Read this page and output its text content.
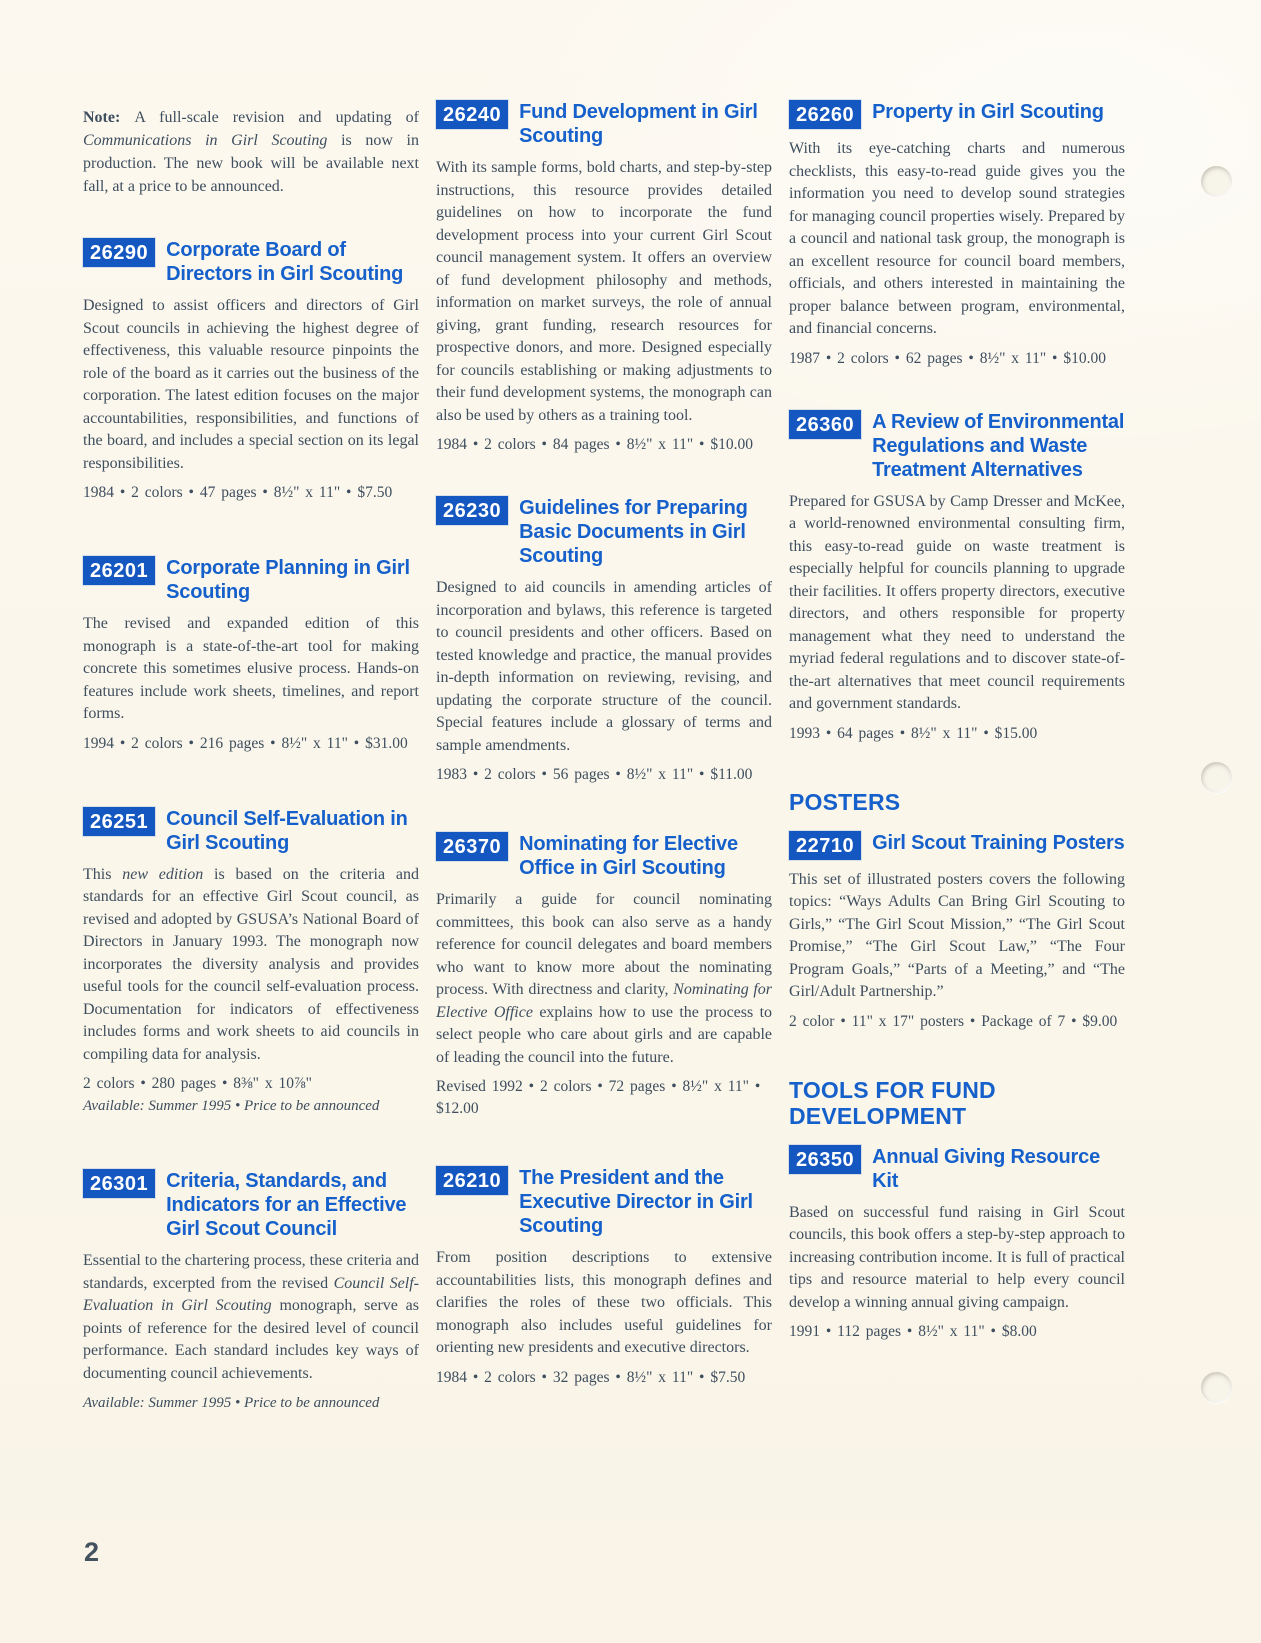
Note: A full-scale revision and updating of Communications in Girl Scouting is now in production. The new book will be available next fall, at a price to be announced.

26290 Corporate Board of Directors in Girl Scouting

Designed to assist officers and directors of Girl Scout councils in achieving the highest degree of effectiveness, this valuable resource pinpoints the role of the board as it carries out the business of the corporation. The latest edition focuses on the major accountabilities, responsibilities, and functions of the board, and includes a special section on its legal responsibilities.

1984 • 2 colors • 47 pages • 8½" x 11" • $7.50

26201 Corporate Planning in Girl Scouting

The revised and expanded edition of this monograph is a state-of-the-art tool for making concrete this sometimes elusive process. Hands-on features include work sheets, timelines, and report forms.

1994 • 2 colors • 216 pages • 8½" x 11" • $31.00

26251 Council Self-Evaluation in Girl Scouting

This new edition is based on the criteria and standards for an effective Girl Scout council, as revised and adopted by GSUSA’s National Board of Directors in January 1993. The monograph now incorporates the diversity analysis and provides useful tools for the council self-evaluation process. Documentation for indicators of effectiveness includes forms and work sheets to aid councils in compiling data for analysis.

2 colors • 280 pages • 8⅜" x 10⅞"

Available: Summer 1995 • Price to be announced

26301 Criteria, Standards, and Indicators for an Effective Girl Scout Council

Essential to the chartering process, these criteria and standards, excerpted from the revised Council Self-Evaluation in Girl Scouting monograph, serve as points of reference for the desired level of council performance. Each standard includes key ways of documenting council achievements.

Available: Summer 1995 • Price to be announced

26240 Fund Development in Girl Scouting

With its sample forms, bold charts, and step-by-step instructions, this resource provides detailed guidelines on how to incorporate the fund development process into your current Girl Scout council management system. It offers an overview of fund development philosophy and methods, information on market surveys, the role of annual giving, grant funding, research resources for prospective donors, and more. Designed especially for councils establishing or making adjustments to their fund development systems, the monograph can also be used by others as a training tool.

1984 • 2 colors • 84 pages • 8½" x 11" • $10.00

26230 Guidelines for Preparing Basic Documents in Girl Scouting

Designed to aid councils in amending articles of incorporation and bylaws, this reference is targeted to council presidents and other officers. Based on tested knowledge and practice, the manual provides in-depth information on reviewing, revising, and updating the corporate structure of the council. Special features include a glossary of terms and sample amendments.

1983 • 2 colors • 56 pages • 8½" x 11" • $11.00

26370 Nominating for Elective Office in Girl Scouting

Primarily a guide for council nominating committees, this book can also serve as a handy reference for council delegates and board members who want to know more about the nominating process. With directness and clarity, Nominating for Elective Office explains how to use the process to select people who care about girls and are capable of leading the council into the future.

Revised 1992 • 2 colors • 72 pages • 8½" x 11" • $12.00

26210 The President and the Executive Director in Girl Scouting

From position descriptions to extensive accountabilities lists, this monograph defines and clarifies the roles of these two officials. This monograph also includes useful guidelines for orienting new presidents and executive directors.

1984 • 2 colors • 32 pages • 8½" x 11" • $7.50

26260 Property in Girl Scouting

With its eye-catching charts and numerous checklists, this easy-to-read guide gives you the information you need to develop sound strategies for managing council properties wisely. Prepared by a council and national task group, the monograph is an excellent resource for council board members, officials, and others interested in maintaining the proper balance between program, environmental, and financial concerns.

1987 • 2 colors • 62 pages • 8½" x 11" • $10.00

26360 A Review of Environmental Regulations and Waste Treatment Alternatives

Prepared for GSUSA by Camp Dresser and McKee, a world-renowned environmental consulting firm, this easy-to-read guide on waste treatment is especially helpful for councils planning to upgrade their facilities. It offers property directors, executive directors, and others responsible for property management what they need to understand the myriad federal regulations and to discover state-of-the-art alternatives that meet council requirements and government standards.

1993 • 64 pages • 8½" x 11" • $15.00

POSTERS
22710 Girl Scout Training Posters

This set of illustrated posters covers the following topics: “Ways Adults Can Bring Girl Scouting to Girls,” “The Girl Scout Mission,” “The Girl Scout Promise,” “The Girl Scout Law,” “The Four Program Goals,” “Parts of a Meeting,” and “The Girl/Adult Partnership.”

2 color • 11" x 17" posters • Package of 7 • $9.00

TOOLS FOR FUND DEVELOPMENT
26350 Annual Giving Resource Kit

Based on successful fund raising in Girl Scout councils, this book offers a step-by-step approach to increasing contribution income. It is full of practical tips and resource material to help every council develop a winning annual giving campaign.

1991 • 112 pages • 8½" x 11" • $8.00

2
